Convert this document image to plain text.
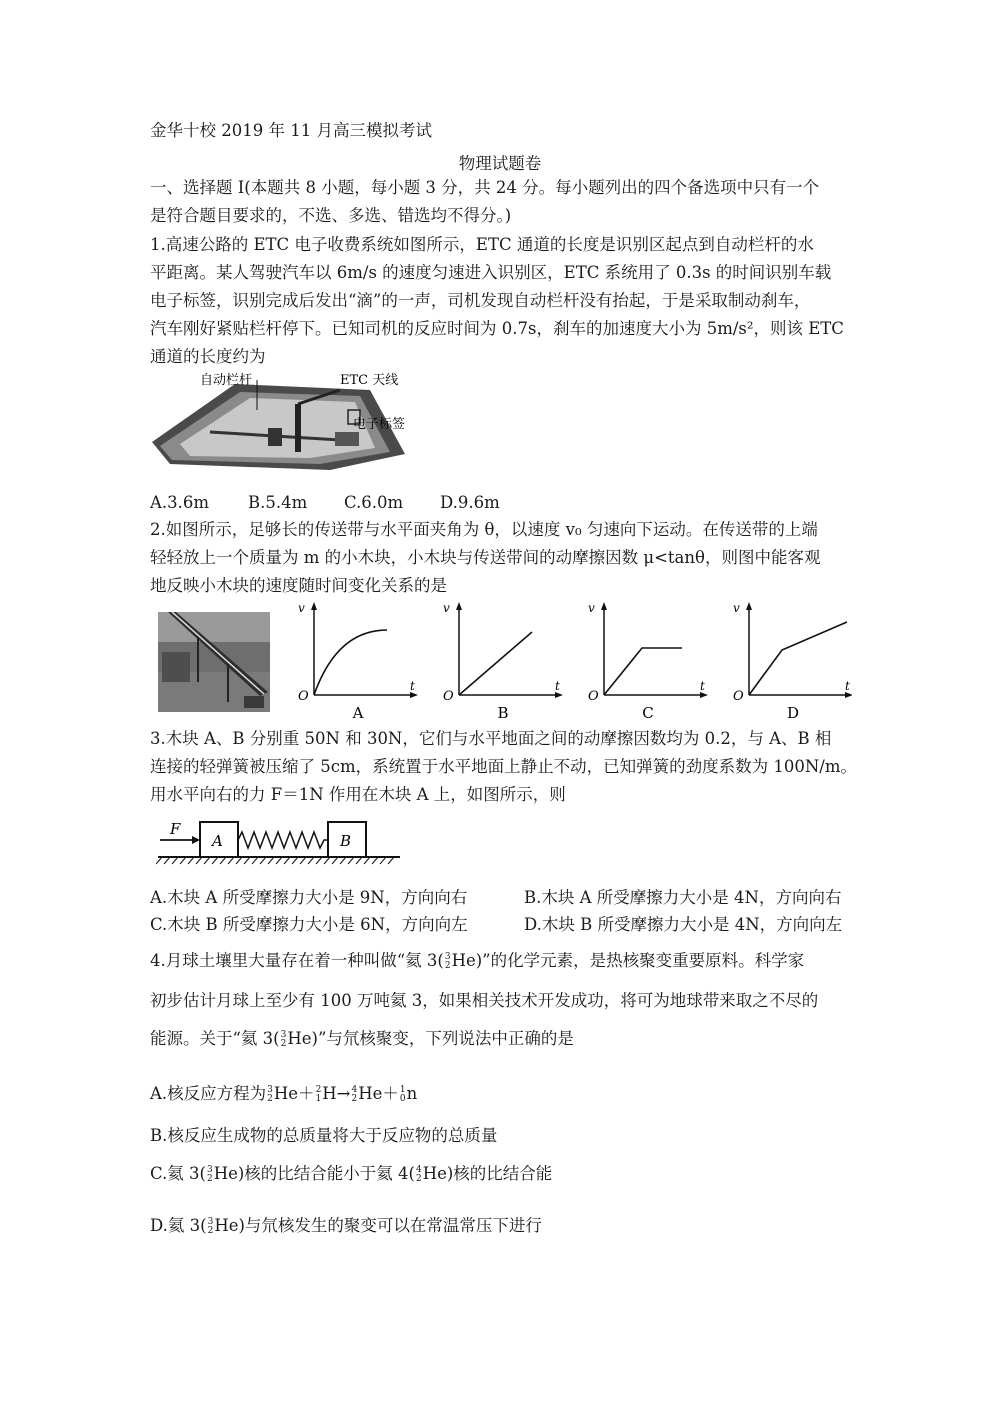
金华十校 2019 年 11 月高三模拟考试
物理试题卷
一、选择题 I(本题共 8 小题，每小题 3 分，共 24 分。每小题列出的四个备选项中只有一个
是符合题目要求的，不选、多选、错选均不得分。)
1.高速公路的 ETC 电子收费系统如图所示，ETC 通道的长度是识别区起点到自动栏杆的水
平距离。某人驾驶汽车以 6m/s 的速度匀速进入识别区，ETC 系统用了 0.3s 的时间识别车载
电子标签，识别完成后发出“滴”的一声，司机发现自动栏杆没有抬起，于是采取制动刹车，
汽车刚好紧贴栏杆停下。已知司机的反应时间为 0.7s，刹车的加速度大小为 5m/s²，则该 ETC
通道的长度约为
自动栏杆	ETC 天线
电子标签
A.3.6m B.5.4m C.6.0m D.9.6m
2.如图所示，足够长的传送带与水平面夹角为 θ，以速度 v₀ 匀速向下运动。在传送带的上端
轻轻放上一个质量为 m 的小木块，小木块与传送带间的动摩擦因数 μ<tanθ，则图中能客观
地反映小木块的速度随时间变化关系的是
v
t
O
A
v
t
O
B
v
t
O
C
v
t
O
D
3.木块 A、B 分别重 50N 和 30N，它们与水平地面之间的动摩擦因数均为 0.2，与 A、B 相
连接的轻弹簧被压缩了 5cm，系统置于水平地面上静止不动，已知弹簧的劲度系数为 100N/m。
用水平向右的力 F＝1N 作用在木块 A 上，如图所示，则
F
A	B
A.木块 A 所受摩擦力大小是 9N，方向向右	B.木块 A 所受摩擦力大小是 4N，方向向右
C.木块 B 所受摩擦力大小是 6N，方向向左	D.木块 B 所受摩擦力大小是 4N，方向向左
4.月球土壤里大量存在着一种叫做“氦 3( 3
2 He)”的化学元素，是热核聚变重要原料。科学家
初步估计月球上至少有 100 万吨氦 3，如果相关技术开发成功，将可为地球带来取之不尽的
能源。关于“氦 3( 3
2 He)”与氘核聚变，下列说法中正确的是
A.核反应方程为 3
2 He＋ 2
1 H→ 4
2 He＋ 1
0 n
B.核反应生成物的总质量将大于反应物的总质量
C.氦 3( 3
2 He)核的比结合能小于氦 4( 4
2 He)核的比结合能
D.氦 3( 3
2 He)与氘核发生的聚变可以在常温常压下进行
